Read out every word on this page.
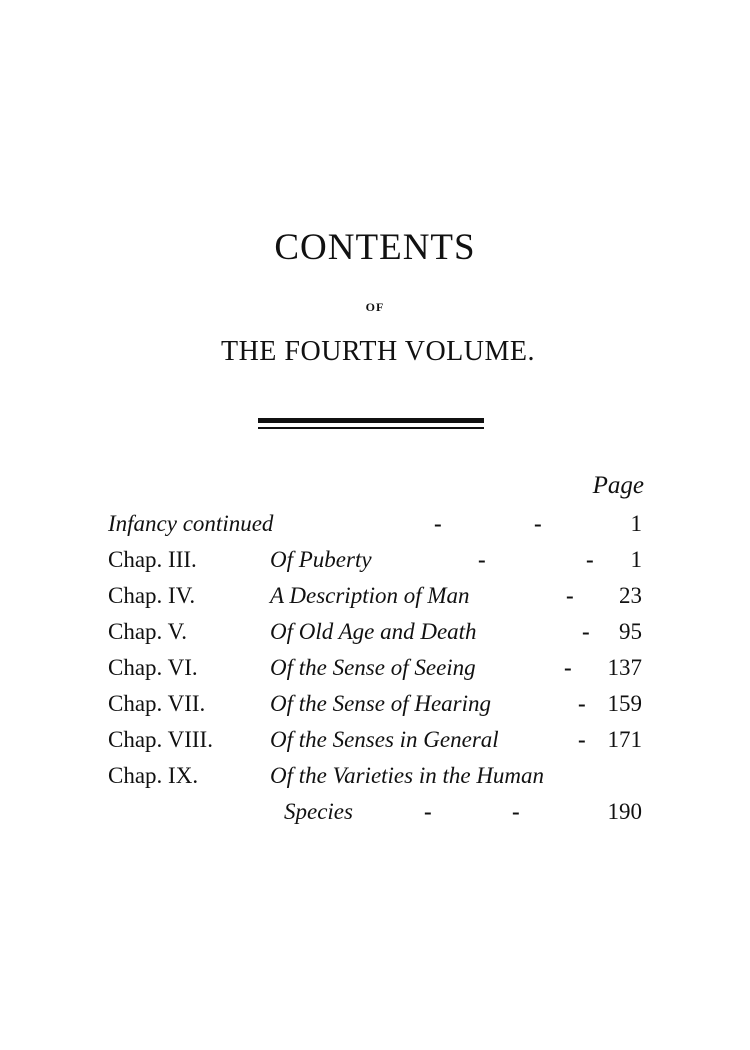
CONTENTS
OF
THE FOURTH VOLUME.
Page
Infancy continued	-	-	1
Chap. III.	Of Puberty	-	- 1
Chap. IV.	A Description of Man	- 23
Chap. V.	Of Old Age and Death	- 95
Chap. VI.	Of the Sense of Seeing	- 137
Chap. VII.	Of the Sense of Hearing	- 159
Chap. VIII. Of the Senses in General	- 171
Chap. IX.	Of the Varieties in the Human
Species	-	-	190
